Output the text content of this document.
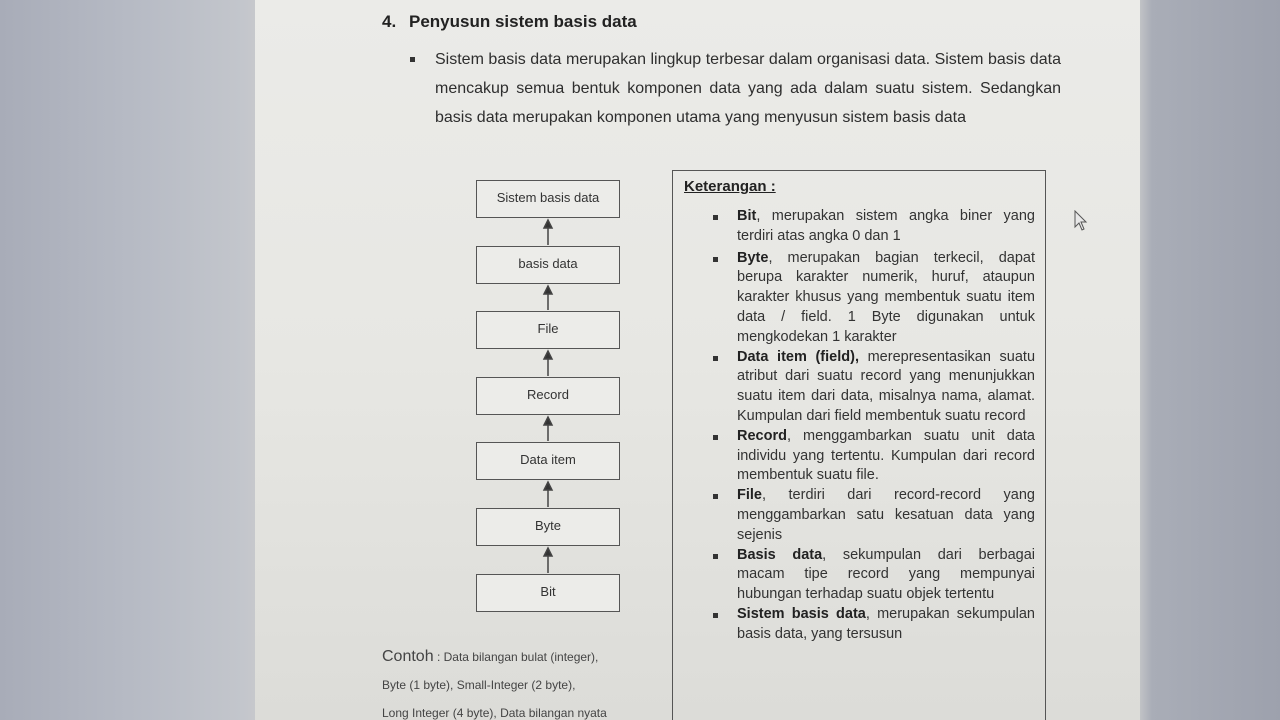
4. Penyusun sistem basis data
Sistem basis data merupakan lingkup terbesar dalam organisasi data. Sistem basis data mencakup semua bentuk komponen data yang ada dalam suatu sistem. Sedangkan basis data merupakan komponen utama yang menyusun sistem basis data
Sistem basis data
basis data
File
Record
Data item
Byte
Bit
Keterangan :
Bit, merupakan sistem angka biner yang terdiri atas angka 0 dan 1
Byte, merupakan bagian terkecil, dapat berupa karakter numerik, huruf, ataupun karakter khusus yang membentuk suatu item data / field. 1 Byte digunakan untuk mengkodekan 1 karakter
Data item (field), merepresentasikan suatu atribut dari suatu record yang menunjukkan suatu item dari data, misalnya nama, alamat. Kumpulan dari field membentuk suatu record
Record, menggambarkan suatu unit data individu yang tertentu. Kumpulan dari record membentuk suatu file.
File, terdiri dari record-record yang menggambarkan satu kesatuan data yang sejenis
Basis data, sekumpulan dari berbagai macam tipe record yang mempunyai hubungan terhadap suatu objek tertentu
Sistem basis data, merupakan sekumpulan basis data, yang tersusun
Contoh : Data bilangan bulat (integer),
Byte (1 byte), Small-Integer (2 byte),
Long Integer (4 byte), Data bilangan nyata
